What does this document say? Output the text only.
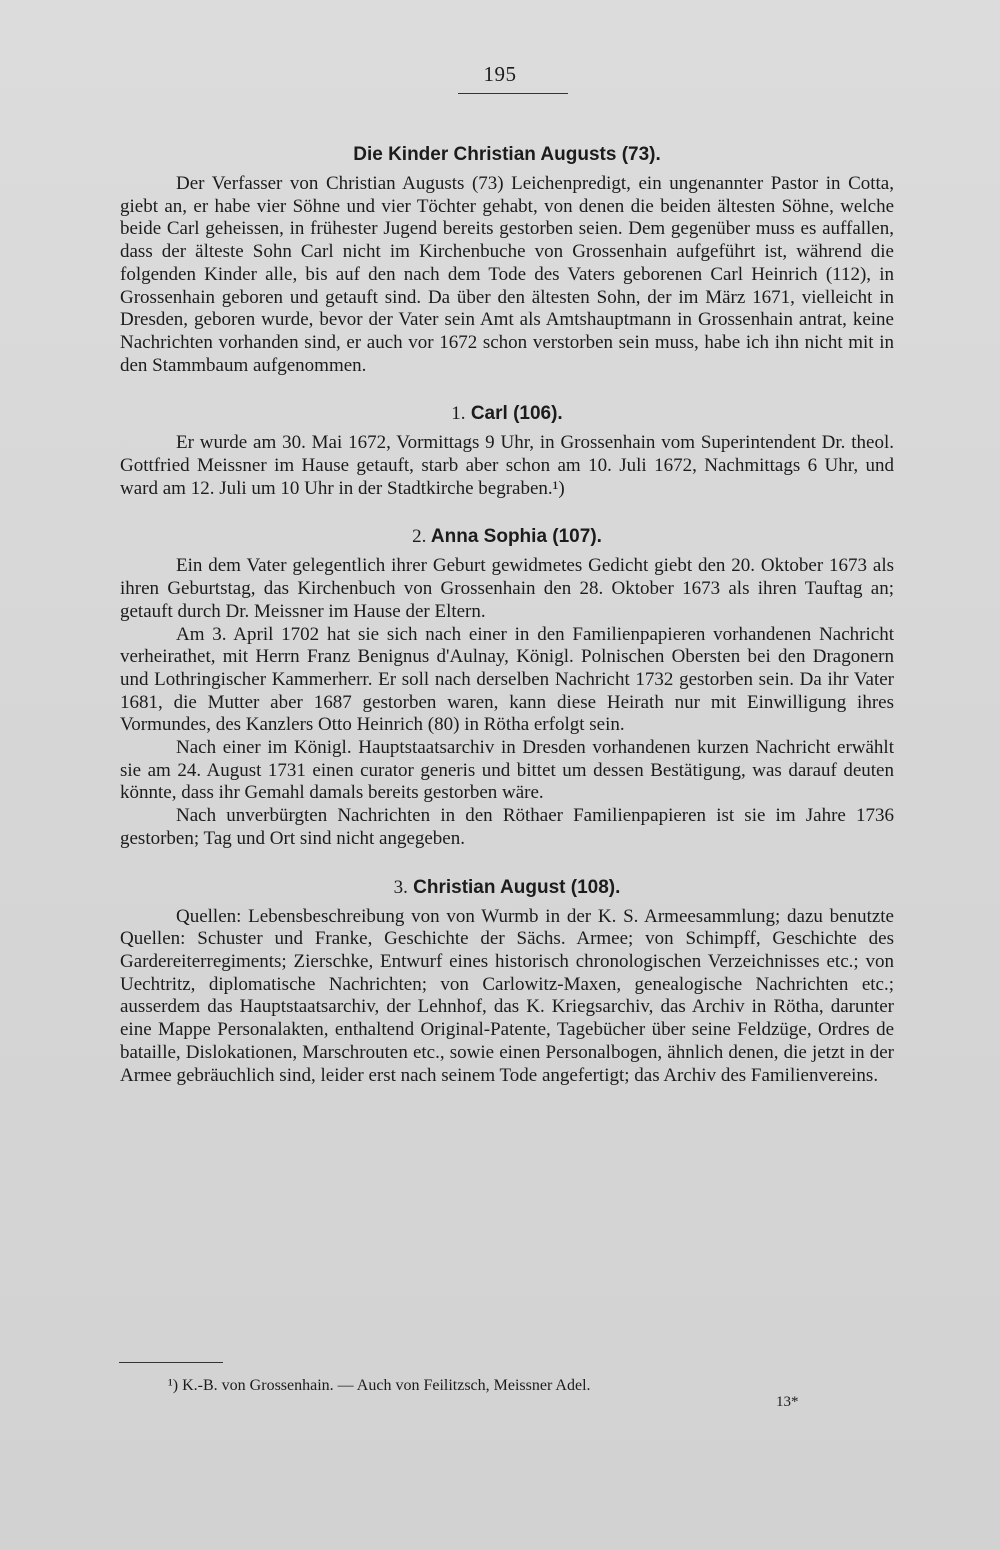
195
Die Kinder Christian Augusts (73).

Der Verfasser von Christian Augusts (73) Leichenpredigt, ein ungenannter Pastor in Cotta, giebt an, er habe vier Söhne und vier Töchter gehabt, von denen die beiden ältesten Söhne, welche beide Carl geheissen, in frühester Jugend bereits gestorben seien. Dem gegenüber muss es auffallen, dass der älteste Sohn Carl nicht im Kirchenbuche von Grossenhain aufgeführt ist, während die folgenden Kinder alle, bis auf den nach dem Tode des Vaters geborenen Carl Heinrich (112), in Grossenhain geboren und getauft sind. Da über den ältesten Sohn, der im März 1671, vielleicht in Dresden, geboren wurde, bevor der Vater sein Amt als Amtshauptmann in Grossenhain antrat, keine Nachrichten vorhanden sind, er auch vor 1672 schon verstorben sein muss, habe ich ihn nicht mit in den Stammbaum aufgenommen.

1. Carl (106).

Er wurde am 30. Mai 1672, Vormittags 9 Uhr, in Grossenhain vom Superintendent Dr. theol. Gottfried Meissner im Hause getauft, starb aber schon am 10. Juli 1672, Nachmittags 6 Uhr, und ward am 12. Juli um 10 Uhr in der Stadtkirche begraben.¹)

2. Anna Sophia (107).

Ein dem Vater gelegentlich ihrer Geburt gewidmetes Gedicht giebt den 20. Oktober 1673 als ihren Geburtstag, das Kirchenbuch von Grossenhain den 28. Oktober 1673 als ihren Tauftag an; getauft durch Dr. Meissner im Hause der Eltern.

Am 3. April 1702 hat sie sich nach einer in den Familienpapieren vorhandenen Nachricht verheirathet, mit Herrn Franz Benignus d'Aulnay, Königl. Polnischen Obersten bei den Dragonern und Lothringischer Kammerherr. Er soll nach derselben Nachricht 1732 gestorben sein. Da ihr Vater 1681, die Mutter aber 1687 gestorben waren, kann diese Heirath nur mit Einwilligung ihres Vormundes, des Kanzlers Otto Heinrich (80) in Rötha erfolgt sein.

Nach einer im Königl. Hauptstaatsarchiv in Dresden vorhandenen kurzen Nachricht erwählt sie am 24. August 1731 einen curator generis und bittet um dessen Bestätigung, was darauf deuten könnte, dass ihr Gemahl damals bereits gestorben wäre.

Nach unverbürgten Nachrichten in den Röthaer Familienpapieren ist sie im Jahre 1736 gestorben; Tag und Ort sind nicht angegeben.

3. Christian August (108).

Quellen: Lebensbeschreibung von von Wurmb in der K. S. Armeesammlung; dazu benutzte Quellen: Schuster und Franke, Geschichte der Sächs. Armee; von Schimpff, Geschichte des Gardereiterregiments; Zierschke, Entwurf eines historisch chronologischen Verzeichnisses etc.; von Uechtritz, diplomatische Nachrichten; von Carlowitz-Maxen, genealogische Nachrichten etc.; ausserdem das Hauptstaatsarchiv, der Lehnhof, das K. Kriegsarchiv, das Archiv in Rötha, darunter eine Mappe Personalakten, enthaltend Original-Patente, Tagebücher über seine Feldzüge, Ordres de bataille, Dislokationen, Marschrouten etc., sowie einen Personalbogen, ähnlich denen, die jetzt in der Armee gebräuchlich sind, leider erst nach seinem Tode angefertigt; das Archiv des Familienvereins.

¹) K.-B. von Grossenhain. — Auch von Feilitzsch, Meissner Adel.
13*
